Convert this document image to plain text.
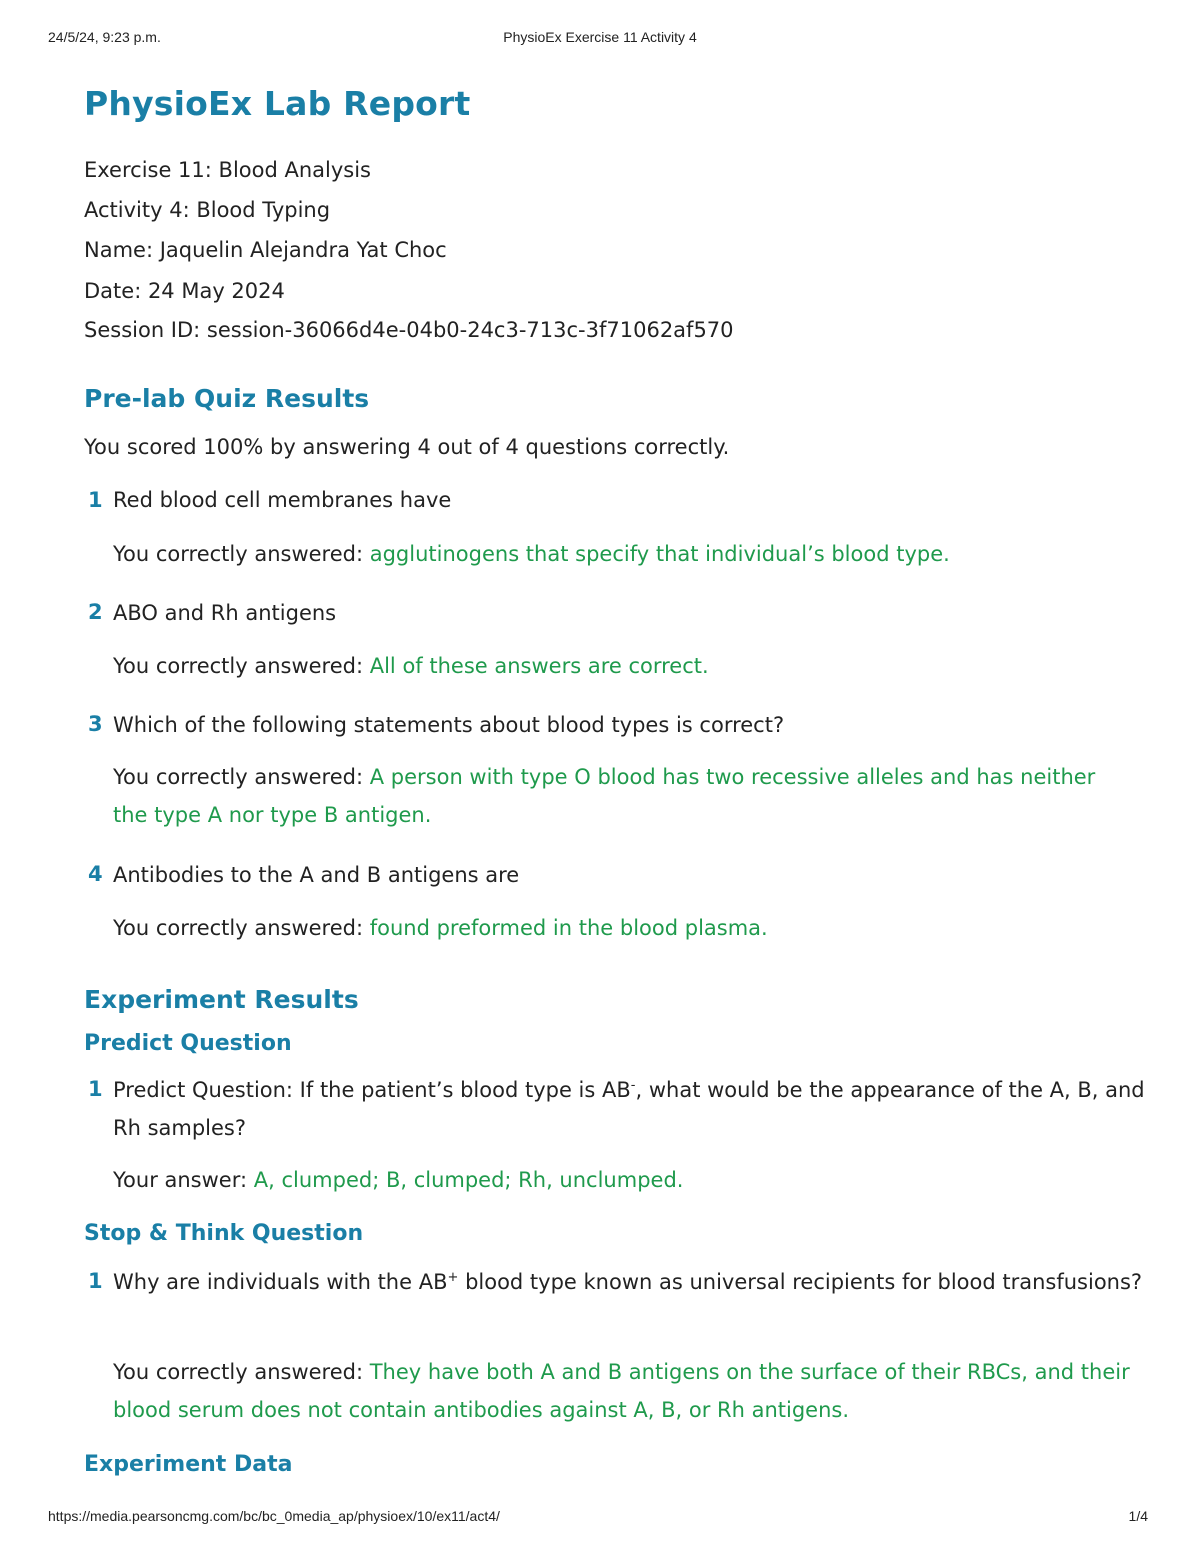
24/5/24, 9:23 p.m.	PhysioEx Exercise 11 Activity 4
PhysioEx Lab Report
Exercise 11: Blood Analysis
Activity 4: Blood Typing
Name: Jaquelin Alejandra Yat Choc
Date: 24 May 2024
Session ID: session-36066d4e-04b0-24c3-713c-3f71062af570
Pre-lab Quiz Results
You scored 100% by answering 4 out of 4 questions correctly.
1 Red blood cell membranes have
You correctly answered: agglutinogens that specify that individual’s blood type.
2 ABO and Rh antigens
You correctly answered: All of these answers are correct.
3 Which of the following statements about blood types is correct?
You correctly answered: A person with type O blood has two recessive alleles and has neither the type A nor type B antigen.
4 Antibodies to the A and B antigens are
You correctly answered: found preformed in the blood plasma.
Experiment Results
Predict Question
1 Predict Question: If the patient’s blood type is AB-, what would be the appearance of the A, B, and Rh samples?
Your answer: A, clumped; B, clumped; Rh, unclumped.
Stop & Think Question
1 Why are individuals with the AB+ blood type known as universal recipients for blood transfusions?
You correctly answered: They have both A and B antigens on the surface of their RBCs, and their blood serum does not contain antibodies against A, B, or Rh antigens.
Experiment Data
https://media.pearsoncmg.com/bc/bc_0media_ap/physioex/10/ex11/act4/	1/4
